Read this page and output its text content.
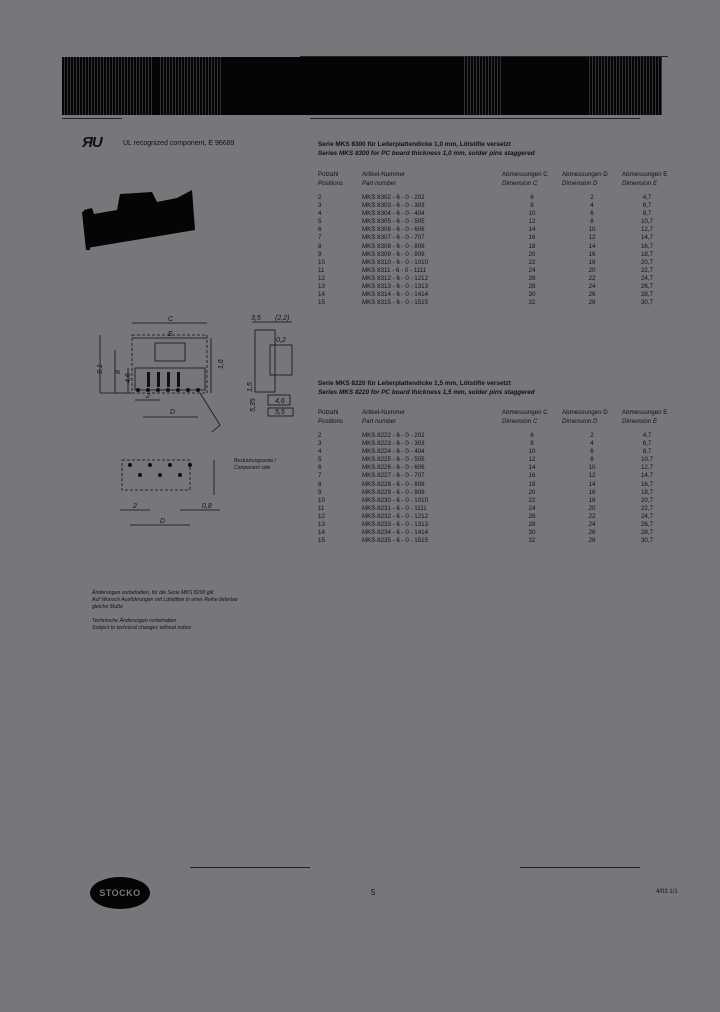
ЯU	UL recognized component, E 96689
C
E
D
9,1 8
4,6
1,6
2
3,5 (2,2)
0,2
1,5
5,35	4,6
5,5
2
D
0,8
Bestückungsseite / Component side
Änderungen vorbehalten, für die Serie MKS 8200 gilt
Auf Wunsch Ausführungen mit Lötstiften in einer Reihe lieferbar
gleiche Maße
Technische Änderungen vorbehalten
Subject to technical changes without notice
Serie MKS 8300 für Leiterplattendicke 1,0 mm, Lötstifte versetzt
Series MKS 8300 for PC board thickness 1,0 mm, solder pins staggered
Polzahl	Artikel-Nummer	Abmessungen C	Abmessungen D	Abmessungen E
Positions	Part number	Dimension C	Dimension D	Dimension E

2	MKS 8302 - 6 - 0 - 202	6	2	4,7
3	MKS 8303 - 6 - 0 - 303	8	4	6,7
4	MKS 8304 - 6 - 0 - 404	10	6	8,7
5	MKS 8305 - 6 - 0 - 505	12	8	10,7
6	MKS 8306 - 6 - 0 - 606	14	10	12,7
7	MKS 8307 - 6 - 0 - 707	16	12	14,7
8	MKS 8308 - 6 - 0 - 808	18	14	16,7
9	MKS 8309 - 6 - 0 - 909	20	16	18,7
10	MKS 8310 - 6 - 0 - 1010	22	18	20,7
11	MKS 8311 - 6 - 0 - 1111	24	20	22,7
12	MKS 8312 - 6 - 0 - 1212	26	22	24,7
13	MKS 8313 - 6 - 0 - 1313	28	24	26,7
14	MKS 8314 - 6 - 0 - 1414	30	26	28,7
15	MKS 8315 - 6 - 0 - 1515	32	28	30,7
Serie MKS 8220 für Leiterplattendicke 1,5 mm, Lötstifte versetzt
Series MKS 8220 for PC board thickness 1,5 mm, solder pins staggered
Polzahl	Artikel-Nummer	Abmessungen C	Abmessungen D	Abmessungen E
Positions	Part number	Dimension C	Dimension D	Dimension E

2	MKS 8222 - 6 - 0 - 202	6	2	4,7
3	MKS 8223 - 6 - 0 - 303	8	4	6,7
4	MKS 8224 - 6 - 0 - 404	10	6	8,7
5	MKS 8225 - 6 - 0 - 505	12	8	10,7
6	MKS 8226 - 6 - 0 - 606	14	10	12,7
7	MKS 8227 - 6 - 0 - 707	16	12	14,7
8	MKS 8228 - 6 - 0 - 808	18	14	16,7
9	MKS 8229 - 6 - 0 - 909	20	16	18,7
10	MKS 8230 - 6 - 0 - 1010	22	18	20,7
11	MKS 8231 - 6 - 0 - 1111	24	20	22,7
12	MKS 8232 - 6 - 0 - 1212	26	22	24,7
13	MKS 8233 - 6 - 0 - 1313	28	24	26,7
14	MKS 8234 - 6 - 0 - 1414	30	26	28,7
15	MKS 8235 - 6 - 0 - 1515	32	28	30,7
STOCKO	5	4/03 1/1
